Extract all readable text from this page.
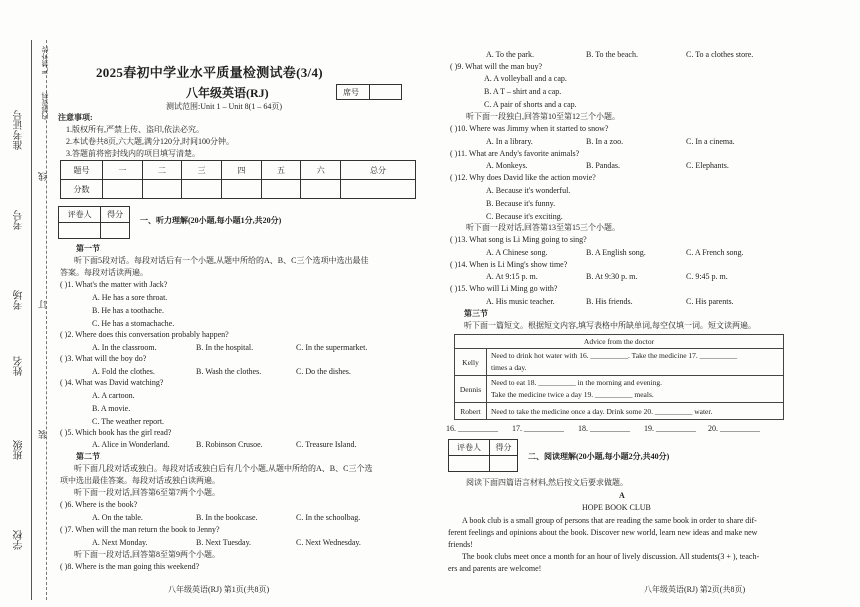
学校
班级
姓名
考场
考号
准考证号
装
订
线
内部资料
严禁外传	2025春初中学业水平质量检测试卷(3/4)
八年级英语(RJ)
测试范围:Unit 1 – Unit 8(1 – 64页)
席号
注意事项:
1.版权所有,严禁上传、盗印,依法必究。
2.本试卷共8页,六大题,满分120分,时间100分钟。
3.答题前将密封线内的项目填写清楚。
题号	一	二	三	四	五	六	总分
分数							
评卷人	得分

一、听力理解(20小题,每小题1分,共20分)
第一节
听下面5段对话。每段对话后有一个小题,从题中所给的A、B、C三个选项中选出最佳
答案。每段对话读两遍。
( )1. What's the matter with Jack?
A. He has a sore throat.
B. He has a toothache.
C. He has a stomachache.
( )2. Where does this conversation probably happen?
A. In the classroom.	B. In the hospital.	C. In the supermarket.
( )3. What will the boy do?
A. Fold the clothes.	B. Wash the clothes.	C. Do the dishes.
( )4. What was David watching?
A. A cartoon.
B. A movie.
C. The weather report.
( )5. Which book has the girl read?
A. Alice in Wonderland.	B. Robinson Crusoe.	C. Treasure Island.
第二节
听下面几段对话或独白。每段对话或独白后有几个小题,从题中所给的A、B、C三个选
项中选出最佳答案。每段对话或独白读两遍。
听下面一段对话,回答第6至第7两个小题。
( )6. Where is the book?
A. On the table.	B. In the bookcase.	C. In the schoolbag.
( )7. When will the man return the book to Jenny?
A. Next Monday.	B. Next Tuesday.	C. Next Wednesday.
听下面一段对话,回答第8至第9两个小题。
( )8. Where is the man going this weekend?
八年级英语(RJ) 第1页(共8页)
A. To the park.	B. To the beach.	C. To a clothes store.
( )9. What will the man buy?
A. A volleyball and a cap.
B. A T – shirt and a cap.
C. A pair of shorts and a cap.
听下面一段独白,回答第10至第12三个小题。
( )10. Where was Jimmy when it started to snow?
A. In a library.	B. In a zoo.	C. In a cinema.
( )11. What are Andy's favorite animals?
A. Monkeys.	B. Pandas.	C. Elephants.
( )12. Why does David like the action movie?
A. Because it's wonderful.
B. Because it's funny.
C. Because it's exciting.
听下面一段对话,回答第13至第15三个小题。
( )13. What song is Li Ming going to sing?
A. A Chinese song.	B. A English song.	C. A French song.
( )14. When is Li Ming's show time?
A. At 9:15 p. m.	B. At 9:30 p. m.	C. 9:45 p. m.
( )15. Who will Li Ming go with?
A. His music teacher.	B. His friends.	C. His parents.
第三节
听下面一篇短文。根据短文内容,填写表格中所缺单词,每空仅填一词。短文读两遍。
Advice from the doctor	
Kelly	Need to drink hot water with 16. __________. Take the medicine 17. __________
times a day.

Dennis	Need to eat 18. __________ in the morning and evening.
Take the medicine twice a day 19. __________ meals.

Robert	Need to take the medicine once a day. Drink some 20. __________ water.
16. __________ 17. __________ 18. __________ 19. __________ 20. __________
评卷人	得分

二、阅读理解(20小题,每小题2分,共40分)
阅读下面四篇语言材料,然后按文后要求做题。
A
HOPE BOOK CLUB
A book club is a small group of persons that are reading the same book in order to share dif-
ferent feelings and opinions about the book. Discover new world, learn new ideas and make new
friends!
The book clubs meet once a month for an hour of lively discussion. All students(3 + ), teach-
ers and parents are welcome!
八年级英语(RJ) 第2页(共8页)
